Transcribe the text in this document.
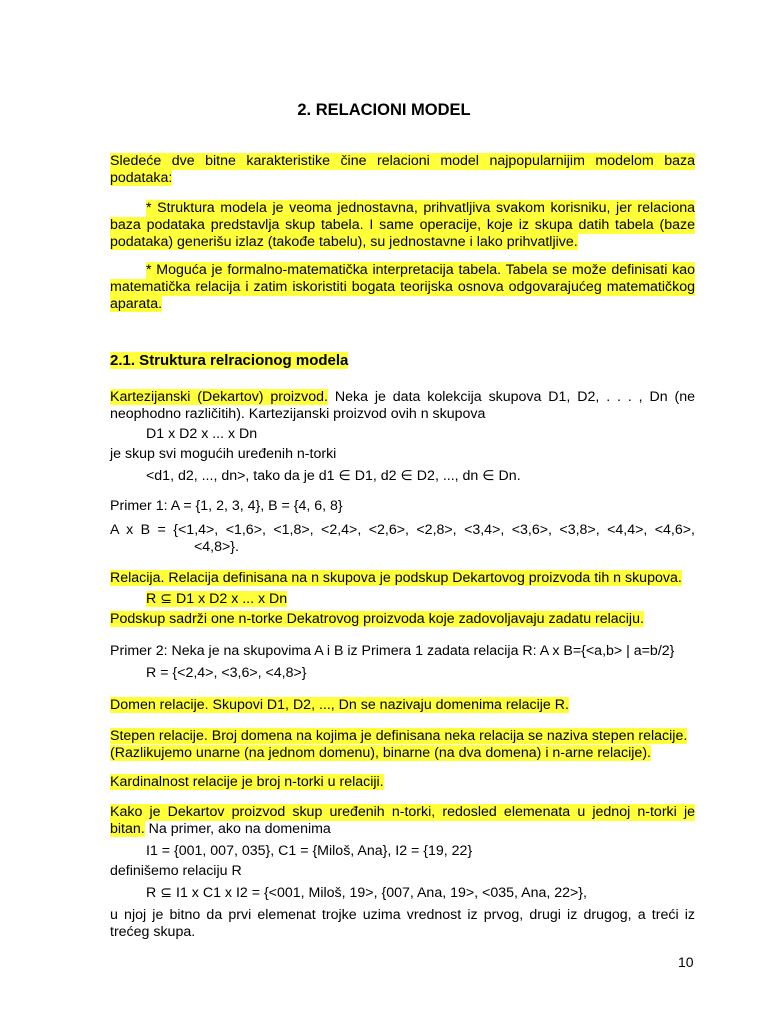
2. RELACIONI MODEL
Sledeće dve bitne karakteristike čine relacioni model najpopularnijim modelom baza
podataka:
* Struktura modela je veoma jednostavna, prihvatljiva svakom korisniku, jer relaciona
baza podataka predstavlja skup tabela. I same operacije, koje iz skupa datih tabela (baze
podataka) generišu izlaz (takođe tabelu), su jednostavne i lako prihvatljive.
* Moguća je formalno-matematička interpretacija tabela. Tabela se može definisati kao
matematička relacija i zatim iskoristiti bogata teorijska osnova odgovarajućeg matematičkog
aparata.
2.1. Struktura relracionog modela
Kartezijanski (Dekartov) proizvod. Neka je data kolekcija skupova D1, D2, . . . , Dn (ne
neophodno različitih). Kartezijanski proizvod ovih n skupova
D1 x D2 x ... x Dn
je skup svi mogućih uređenih n-torki
<d1, d2, ..., dn>, tako da je d1 ∈ D1, d2 ∈ D2, ..., dn ∈ Dn.
Primer 1: A = {1, 2, 3, 4}, B = {4, 6, 8}
A x B = {<1,4>, <1,6>, <1,8>, <2,4>, <2,6>, <2,8>, <3,4>, <3,6>, <3,8>, <4,4>, <4,6>,
<4,8>}.
Relacija. Relacija definisana na n skupova je podskup Dekartovog proizvoda tih n skupova.
R ⊆ D1 x D2 x ... x Dn
Podskup sadrži one n-torke Dekatrovog proizvoda koje zadovoljavaju zadatu relaciju.
Primer 2: Neka je na skupovima A i B iz Primera 1 zadata relacija R: A x B={<a,b> | a=b/2}
R = {<2,4>, <3,6>, <4,8>}
Domen relacije. Skupovi D1, D2, ..., Dn se nazivaju domenima relacije R.
Stepen relacije. Broj domena na kojima je definisana neka relacija se naziva stepen relacije.
(Razlikujemo unarne (na jednom domenu), binarne (na dva domena) i n-arne relacije).
Kardinalnost relacije je broj n-torki u relaciji.
Kako je Dekartov proizvod skup uređenih n-torki, redosled elemenata u jednoj n-torki je
bitan. Na primer, ako na domenima
I1 = {001, 007, 035}, C1 = {Miloš, Ana}, I2 = {19, 22}
definišemo relaciju R
R ⊆ I1 x C1 x I2 = {<001, Miloš, 19>, {007, Ana, 19>, <035, Ana, 22>},
u njoj je bitno da prvi elemenat trojke uzima vrednost iz prvog, drugi iz drugog, a treći iz
trećeg skupa.
10
